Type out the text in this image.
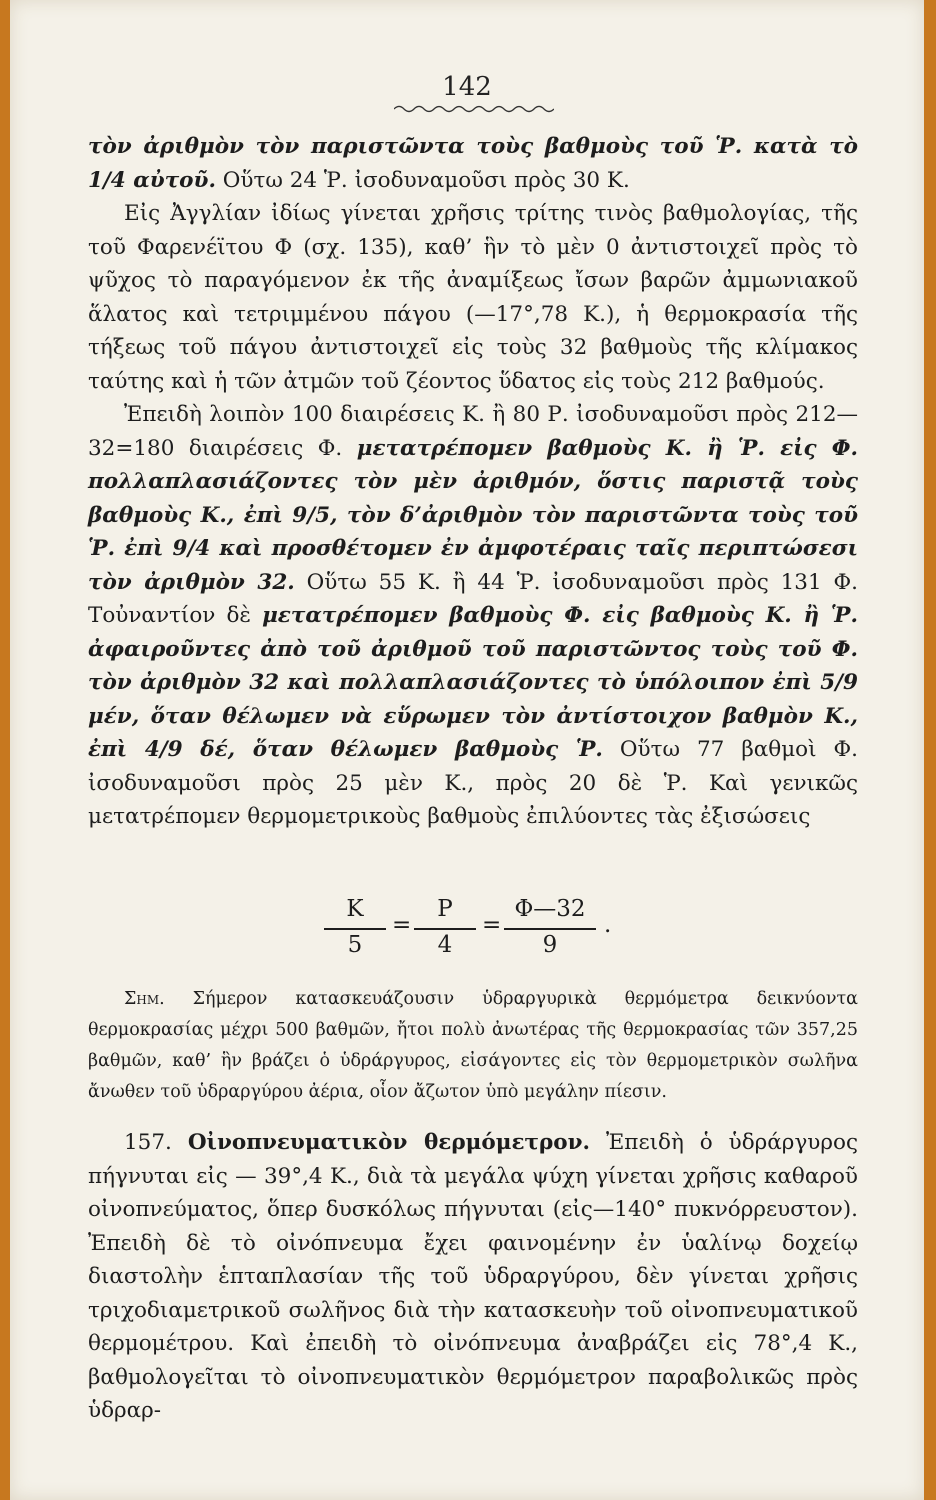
142

τὸν ἀριθμὸν τὸν παριστῶντα τοὺς βαθμοὺς τοῦ Ῥ. κατὰ τὸ 1/4 αὐτοῦ. Οὕτω 24 Ῥ. ἰσοδυναμοῦσι πρὸς 30 Κ.

Εἰς Ἀγγλίαν ἰδίως γίνεται χρῆσις τρίτης τινὸς βαθμολογίας, τῆς τοῦ Φαρενέϊτου Φ (σχ. 135), καθ’ ἣν τὸ μὲν 0 ἀντιστοιχεῖ πρὸς τὸ ψῦχος τὸ παραγόμενον ἐκ τῆς ἀναμίξεως ἴσων βαρῶν ἀμμωνιακοῦ ἅλατος καὶ τετριμμένου πάγου (—17°,78 Κ.), ἡ θερμοκρασία τῆς τήξεως τοῦ πάγου ἀντιστοιχεῖ εἰς τοὺς 32 βαθμοὺς τῆς κλίμακος ταύτης καὶ ἡ τῶν ἀτμῶν τοῦ ζέοντος ὕδατος εἰς τοὺς 212 βαθμούς.

Ἐπειδὴ λοιπὸν 100 διαιρέσεις Κ. ἢ 80 Ρ. ἰσοδυναμοῦσι πρὸς 212—32=180 διαιρέσεις Φ. μετατρέπομεν βαθμοὺς Κ. ἢ Ῥ. εἰς Φ. πολλαπλασιάζοντες τὸν μὲν ἀριθμόν, ὅστις παριστᾷ τοὺς βαθμοὺς Κ., ἐπὶ 9/5, τὸν δ’ἀριθμὸν τὸν παριστῶντα τοὺς τοῦ Ῥ. ἐπὶ 9/4 καὶ προσθέτομεν ἐν ἀμφοτέραις ταῖς περιπτώσεσι τὸν ἀριθμὸν 32. Οὕτω 55 Κ. ἢ 44 Ῥ. ἰσοδυναμοῦσι πρὸς 131 Φ. Τοὐναντίον δὲ μετατρέπομεν βαθμοὺς Φ. εἰς βαθμοὺς Κ. ἢ Ῥ. ἀφαιροῦντες ἀπὸ τοῦ ἀριθμοῦ τοῦ παριστῶντος τοὺς τοῦ Φ. τὸν ἀριθμὸν 32 καὶ πολλαπλασιάζοντες τὸ ὑπόλοιπον ἐπὶ 5/9 μέν, ὅταν θέλωμεν νὰ εὕρωμεν τὸν ἀντίστοιχον βαθμὸν Κ., ἐπὶ 4/9 δέ, ὅταν θέλωμεν βαθμοὺς Ῥ. Οὕτω 77 βαθμοὶ Φ. ἰσοδυναμοῦσι πρὸς 25 μὲν Κ., πρὸς 20 δὲ Ῥ. Καὶ γενικῶς μετατρέπομεν θερμομετρικοὺς βαθμοὺς ἐπιλύοντες τὰς ἐξισώσεις

Κ
5
=
Ρ
4
=
Φ—32
9
.

Σημ. Σήμερον κατασκευάζουσιν ὑδραργυρικὰ θερμόμετρα δεικνύοντα θερμοκρασίας μέχρι 500 βαθμῶν, ἤτοι πολὺ ἀνωτέρας τῆς θερμοκρασίας τῶν 357,25 βαθμῶν, καθ’ ἣν βράζει ὁ ὑδράργυρος, εἰσάγοντες εἰς τὸν θερμομετρικὸν σωλῆνα ἄνωθεν τοῦ ὑδραργύρου ἀέρια, οἷον ἄζωτον ὑπὸ μεγάλην πίεσιν.

157. Οἰνοπνευματικὸν θερμόμετρον. Ἐπειδὴ ὁ ὑδράργυρος πήγνυται εἰς — 39°,4 Κ., διὰ τὰ μεγάλα ψύχη γίνεται χρῆσις καθαροῦ οἰνοπνεύματος, ὅπερ δυσκόλως πήγνυται (εἰς—140° πυκνόρρευστον). Ἐπειδὴ δὲ τὸ οἰνόπνευμα ἔχει φαινομένην ἐν ὑαλίνῳ δοχείῳ διαστολὴν ἑπταπλασίαν τῆς τοῦ ὑδραργύρου, δὲν γίνεται χρῆσις τριχοδιαμετρικοῦ σωλῆνος διὰ τὴν κατασκευὴν τοῦ οἰνοπνευματικοῦ θερμομέτρου. Καὶ ἐπειδὴ τὸ οἰνόπνευμα ἀναβράζει εἰς 78°,4 Κ., βαθμολογεῖται τὸ οἰνοπνευματικὸν θερμόμετρον παραβολικῶς πρὸς ὑδραρ-
